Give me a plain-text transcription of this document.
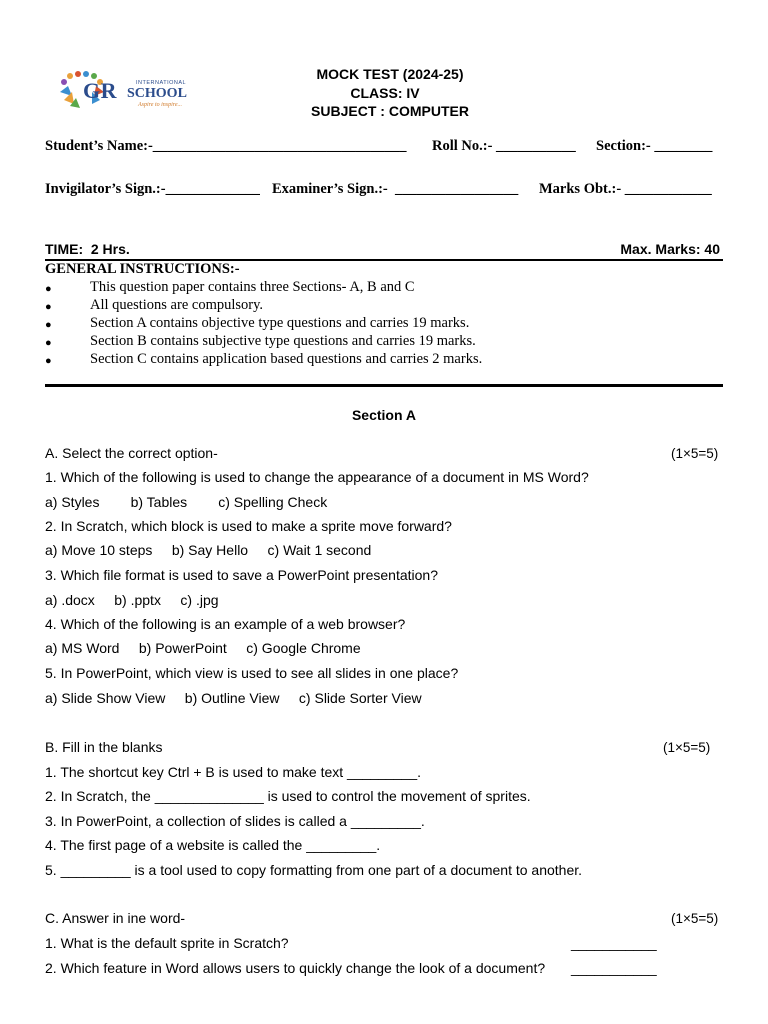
GR	INTERNATIONAL
SCHOOL
Aspire to inspire...
MOCK TEST (2024-25)
CLASS: IV
SUBJECT : COMPUTER
Student’s Name:-___________________________________ Roll No.:- ___________ Section:- ________
Invigilator’s Sign.:-_____________ Examiner’s Sign.:-  _________________ Marks Obt.:- ____________
TIME:  2 Hrs.	Max. Marks: 40
GENERAL INSTRUCTIONS:-
●	This question paper contains three Sections- A, B and C
●	All questions are compulsory.
●	Section A contains objective type questions and carries 19 marks.
●	Section B contains subjective type questions and carries 19 marks.
●	Section C contains application based questions and carries 2 marks.
Section A
A. Select the correct option-	(1×5=5)
1. Which of the following is used to change the appearance of a document in MS Word?
a) Styles        b) Tables        c) Spelling Check
2. In Scratch, which block is used to make a sprite move forward?
a) Move 10 steps     b) Say Hello     c) Wait 1 second
3. Which file format is used to save a PowerPoint presentation?
a) .docx     b) .pptx     c) .jpg
4. Which of the following is an example of a web browser?
a) MS Word     b) PowerPoint     c) Google Chrome
5. In PowerPoint, which view is used to see all slides in one place?
a) Slide Show View     b) Outline View     c) Slide Sorter View
B. Fill in the blanks	(1×5=5)
1. The shortcut key Ctrl + B is used to make text _________.
2. In Scratch, the ______________ is used to control the movement of sprites.
3. In PowerPoint, a collection of slides is called a _________.
4. The first page of a website is called the _________.
5. _________ is a tool used to copy formatting from one part of a document to another.
C. Answer in ine word-	(1×5=5)
1. What is the default sprite in Scratch?	___________
2. Which feature in Word allows users to quickly change the look of a document? ___________
